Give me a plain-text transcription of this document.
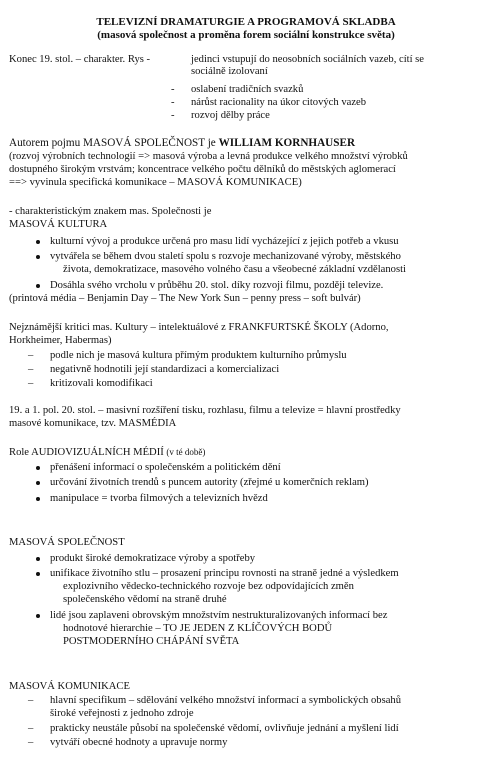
TELEVIZNÍ DRAMATURGIE A PROGRAMOVÁ SKLADBA
(masová společnost a proměna forem sociální konstrukce světa)
Konec 19. stol. – charakter. Rys -	jedinci vstupují do neosobních sociálních vazeb, cítí se
sociálně izolovaní
- oslabení tradičních svazků
- nárůst racionality na úkor citových vazeb
- rozvoj dělby práce
Autorem pojmu MASOVÁ SPOLEČNOST je WILLIAM KORNHAUSER
(rozvoj výrobních technologií => masová výroba a levná produkce velkého množství výrobků
dostupného širokým vrstvám; koncentrace velkého počtu dělníků do městských aglomerací
==> vyvinula specifická komunikace – MASOVÁ KOMUNIKACE)
- charakteristickým znakem mas. Společnosti je
MASOVÁ KULTURA
kulturní vývoj a produkce určená pro masu lidí vycházející z jejich potřeb a vkusu
vytvářela se během dvou staletí spolu s rozvoje mechanizované výroby, městského
života, demokratizace, masového volného času a všeobecné základní vzdělanosti
Dosáhla svého vrcholu v průběhu 20. stol. díky rozvoji filmu, později televize.
(printová média – Benjamin Day – The New York Sun – penny press – soft bulvár)
Nejznámější kritici mas. Kultury – intelektuálové z FRANKFURTSKÉ ŠKOLY (Adorno,
Horkheimer, Habermas)
– podle nich je masová kultura přímým produktem kulturního průmyslu
– negativně hodnotili její standardizaci a komercializaci
– kritizovali komodifikaci
19. a 1. pol. 20. stol. – masivní rozšíření tisku, rozhlasu, filmu a televize = hlavní prostředky
masové komunikace, tzv. MASMÉDIA
Role AUDIOVIZUÁLNÍCH MÉDIÍ (v té době)
přenášení informací o společenském a politickém dění
určování životních trendů s puncem autority (zřejmé u komerčních reklam)
manipulace = tvorba filmových a televizních hvězd
MASOVÁ SPOLEČNOST
produkt široké demokratizace výroby a spotřeby
unifikace životního stlu – prosazení principu rovnosti na straně jedné a výsledkem
explozivního vědecko-technického rozvoje bez odpovídajících změn
společenského vědomí na straně druhé
lidé jsou zaplaveni obrovským množstvím nestrukturalizovaných informací bez
hodnotové hierarchie – TO JE JEDEN Z KLÍČOVÝCH BODŮ
POSTMODERNÍHO CHÁPÁNÍ SVĚTA
MASOVÁ KOMUNIKACE
– hlavní specifikum – sdělování velkého množství informací a symbolických obsahů
široké veřejnosti z jednoho zdroje
– prakticky neustále působí na společenské vědomí, ovlivňuje jednání a myšlení lidí
– vytváří obecné hodnoty a upravuje normy
